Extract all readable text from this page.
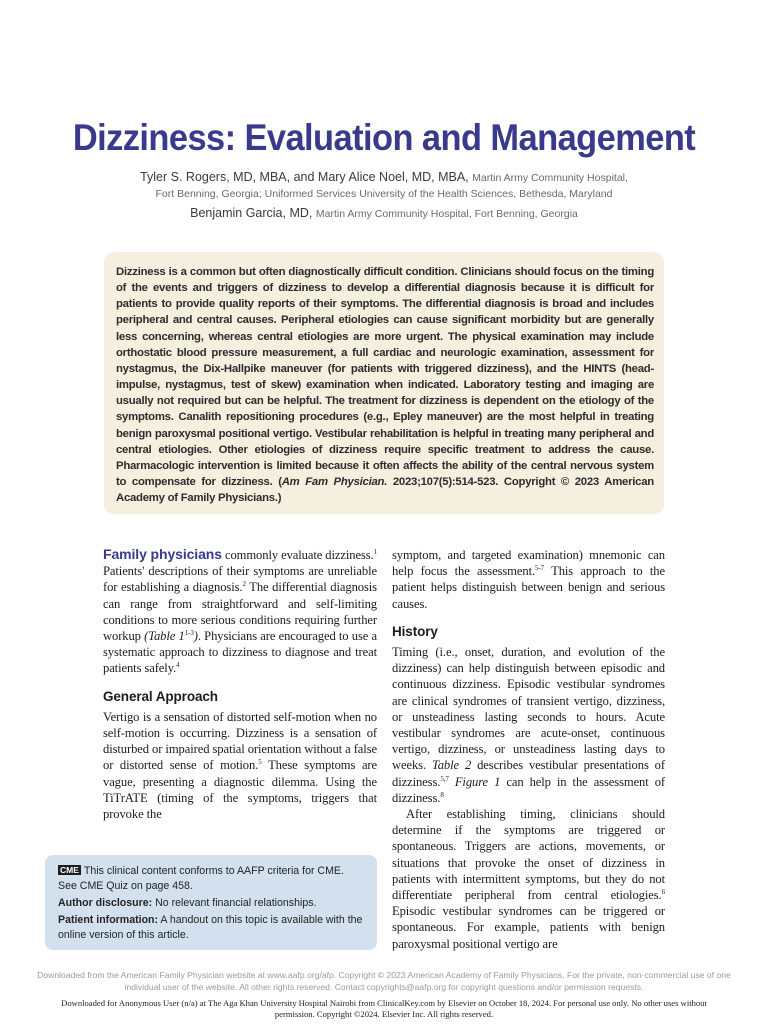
Dizziness: Evaluation and Management
Tyler S. Rogers, MD, MBA, and Mary Alice Noel, MD, MBA, Martin Army Community Hospital,
Fort Benning, Georgia; Uniformed Services University of the Health Sciences, Bethesda, Maryland
Benjamin Garcia, MD, Martin Army Community Hospital, Fort Benning, Georgia
Dizziness is a common but often diagnostically difficult condition. Clinicians should focus on the timing of the events and triggers of dizziness to develop a differential diagnosis because it is difficult for patients to provide quality reports of their symptoms. The differential diagnosis is broad and includes peripheral and central causes. Peripheral etiologies can cause significant morbidity but are generally less concerning, whereas central etiologies are more urgent. The physical examination may include orthostatic blood pressure measurement, a full cardiac and neurologic examination, assessment for nystagmus, the Dix-Hallpike maneuver (for patients with triggered dizziness), and the HINTS (head-impulse, nystagmus, test of skew) examination when indicated. Laboratory testing and imaging are usually not required but can be helpful. The treatment for dizziness is dependent on the etiology of the symptoms. Canalith repositioning procedures (e.g., Epley maneuver) are the most helpful in treating benign paroxysmal positional vertigo. Vestibular rehabilitation is helpful in treating many peripheral and central etiologies. Other etiologies of dizziness require specific treatment to address the cause. Pharmacologic intervention is limited because it often affects the ability of the central nervous system to compensate for dizziness. (Am Fam Physician. 2023;107(5):514-523. Copyright © 2023 American Academy of Family Physicians.)

Family physicians commonly evaluate dizziness.$^1$ Patients' descriptions of their symptoms are unreliable for establishing a diagnosis.$^2$ The differential diagnosis can range from straightforward and self-limiting conditions to more serious conditions requiring further workup (Table 1$^{1-3}$). Physicians are encouraged to use a systematic approach to dizziness to diagnose and treat patients safely.$^4$

General Approach

Vertigo is a sensation of distorted self-motion when no self-motion is occurring. Dizziness is a sensation of disturbed or impaired spatial orientation without a false or distorted sense of motion.$^5$ These symptoms are vague, presenting a diagnostic dilemma. Using the TiTrATE (timing of the symptoms, triggers that provoke the

symptom, and targeted examination) mnemonic can help focus the assessment.$^{5-7}$ This approach to the patient helps distinguish between benign and serious causes.

History

Timing (i.e., onset, duration, and evolution of the dizziness) can help distinguish between episodic and continuous dizziness. Episodic vestibular syndromes are clinical syndromes of transient vertigo, dizziness, or unsteadiness lasting seconds to hours. Acute vestibular syndromes are acute-onset, continuous vertigo, dizziness, or unsteadiness lasting days to weeks. Table 2 describes vestibular presentations of dizziness.$^{5,7}$ Figure 1 can help in the assessment of dizziness.$^8$

After establishing timing, clinicians should determine if the symptoms are triggered or spontaneous. Triggers are actions, movements, or situations that provoke the onset of dizziness in patients with intermittent symptoms, but they do not differentiate peripheral from central etiologies.$^6$ Episodic vestibular syndromes can be triggered or spontaneous. For example, patients with benign paroxysmal positional vertigo are

CME This clinical content conforms to AAFP criteria for CME. See CME Quiz on page 458.

Author disclosure: No relevant financial relationships.

Patient information: A handout on this topic is available with the online version of this article.

Downloaded from the American Family Physician website at www.aafp.org/afp. Copyright © 2023 American Academy of Family Physicians. For the private, non-commercial use of one individual user of the website. All other rights reserved. Contact copyrights@aafp.org for copyright questions and/or permission requests.
Downloaded for Anonymous User (n/a) at The Aga Khan University Hospital Nairobi from ClinicalKey.com by Elsevier on October 18, 2024. For personal use only. No other uses without permission. Copyright ©2024. Elsevier Inc. All rights reserved.
